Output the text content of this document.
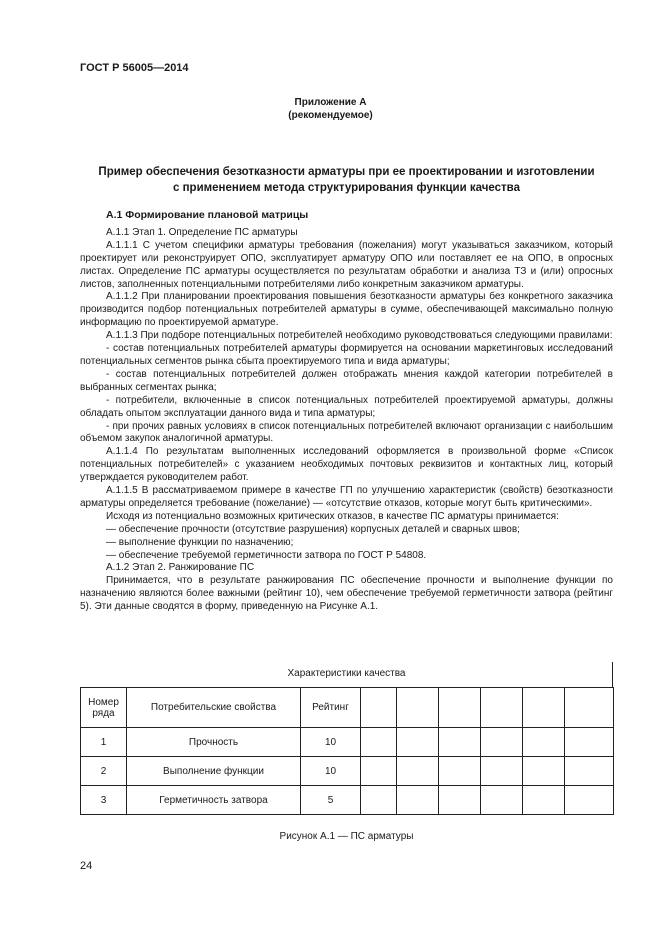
ГОСТ Р 56005—2014
Приложение А
(рекомендуемое)
Пример обеспечения безотказности арматуры при ее проектировании и изготовлении
с применением метода структурирования функции качества
А.1 Формирование плановой матрицы

А.1.1 Этап 1. Определение ПС арматуры

А.1.1.1 С учетом специфики арматуры требования (пожелания) могут указываться заказчиком, который проектирует или реконструирует ОПО, эксплуатирует арматуру ОПО или поставляет ее на ОПО, в опросных листах. Определение ПС арматуры осуществляется по результатам обработки и анализа ТЗ и (или) опросных листов, заполненных потенциальными потребителями либо конкретным заказчиком арматуры.

А.1.1.2 При планировании проектирования повышения безотказности арматуры без конкретного заказчика производится подбор потенциальных потребителей арматуры в сумме, обеспечивающей максимально полную информацию по проектируемой арматуре.

А.1.1.3 При подборе потенциальных потребителей необходимо руководствоваться следующими правилами:

- состав потенциальных потребителей арматуры формируется на основании маркетинговых исследований потенциальных сегментов рынка сбыта проектируемого типа и вида арматуры;

- состав потенциальных потребителей должен отображать мнения каждой категории потребителей в выбранных сегментах рынка;

- потребители, включенные в список потенциальных потребителей проектируемой арматуры, должны обладать опытом эксплуатации данного вида и типа арматуры;

- при прочих равных условиях в список потенциальных потребителей включают организации с наибольшим объемом закупок аналогичной арматуры.

А.1.1.4 По результатам выполненных исследований оформляется в произвольной форме «Список потенциальных потребителей» с указанием необходимых почтовых реквизитов и контактных лиц, который утверждается руководителем работ.

А.1.1.5 В рассматриваемом примере в качестве ГП по улучшению характеристик (свойств) безотказности арматуры определяется требование (пожелание) — «отсутствие отказов, которые могут быть критическими».

Исходя из потенциально возможных критических отказов, в качестве ПС арматуры принимается:

— обеспечение прочности (отсутствие разрушения) корпусных деталей и сварных швов;

— выполнение функции по назначению;

— обеспечение требуемой герметичности затвора по ГОСТ Р 54808.

А.1.2 Этап 2. Ранжирование ПС

Принимается, что в результате ранжирования ПС обеспечение прочности и выполнение функции по назначению являются более важными (рейтинг 10), чем обеспечение требуемой герметичности затвора (рейтинг 5). Эти данные сводятся в форму, приведенную на Рисунке А.1.

Характеристики качества
Номер ряда	Потребительские свойства	Рейтинг						
1	Прочность	10						
2	Выполнение функции	10						
3	Герметичность затвора	5						
Рисунок А.1 — ПС арматуры
24
